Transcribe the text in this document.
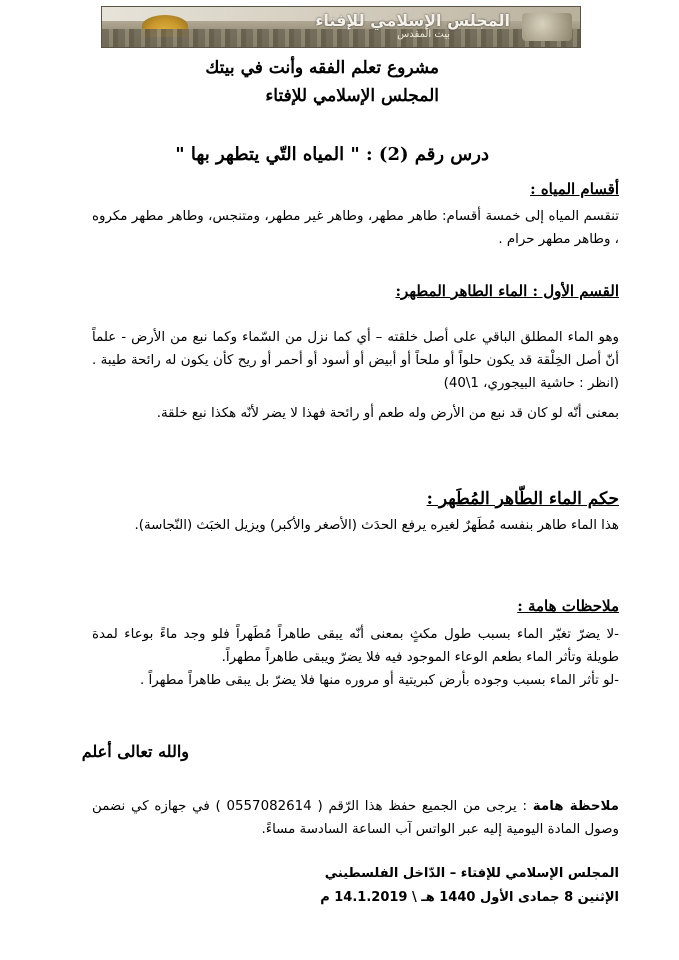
المجلس الإسلامي للإفتاء
بيت المقدس
مشروع تعلم الفقه وأنت في بيتك
المجلس الإسلامي للإفتاء
درس رقم (2) : " المياه التّي يتطهر بها "
أقسام المياه :
تنقسم المياه إلى خمسة أقسام: طاهر مطهر، وطاهر غير مطهر، ومتنجس، وطاهر مطهر مكروه ، وطاهر مطهر حرام .
القسم الأول : الماء الطاهر المطهر:
وهو الماء المطلق الباقي على أصل خلقته – أي كما نزل من السّماء وكما نبع من الأرض - علماً أنّ أصل الخِلْقة قد يكون حلواً أو ملحاً أو أبيض أو أسود أو أحمر أو ريح كأن يكون له رائحة طيبة . (انظر : حاشية البيجوري، 1\40)
بمعنى أنّه لو كان قد نبع من الأرض وله طعم أو رائحة فهذا لا يضر لأنّه هكذا نبع خلقة.
حكم الماء الطّاهر المُطَهر :
هذا الماء طاهر بنفسه مُطَهرٌ لغيره يرفع الحدَث (الأصغر والأكبر) ويزيل الخبَث (النّجاسة).
ملاحظات هامة :
-لا يضرّ تغيّر الماء بسبب طول مكثٍ بمعنى أنّه يبقى طاهراً مُطَهراً فلو وجد ماءً بوعاء لمدة طويلة وتأثر الماء بطعم الوعاء الموجود فيه فلا يضرّ ويبقى طاهراً مطهراً.
-لو تأثر الماء بسبب وجوده بأرض كبريتية أو مروره منها فلا يضرّ بل يبقى طاهراً مطهراً .
والله تعالى أعلم
ملاحظة هامة : يرجى من الجميع حفظ هذا الرّقم ( 0557082614 ) في جهازه كي نضمن وصول المادة اليومية إليه عبر الواتس آب الساعة السادسة مساءً.
المجلس الإسلامي للإفتاء – الدّاخل الفلسطيني
الإثنين 8 جمادى الأول 1440 هـ \ 14.1.2019 م
